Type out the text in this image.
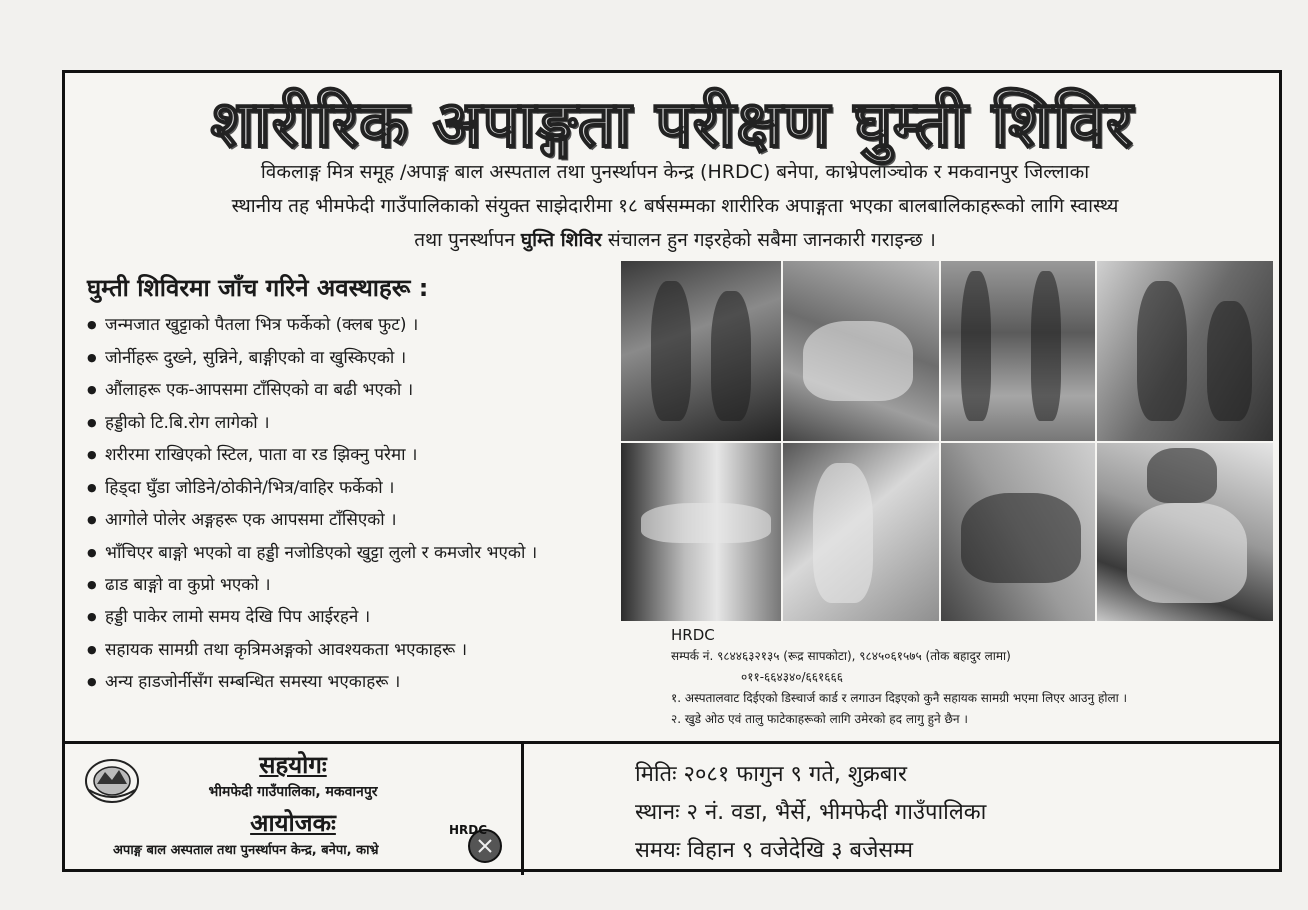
शारीरिक अपाङ्गता परीक्षण घुम्ती शिविर
विकलाङ्ग मित्र समूह /अपाङ्ग बाल अस्पताल तथा पुनर्स्थापन केन्द्र (HRDC) बनेपा, काभ्रेपलाञ्चोक र मकवानपुर जिल्लाका
स्थानीय तह भीमफेदी गाउँपालिकाको संयुक्त साझेदारीमा १८ बर्षसम्मका शारीरिक अपाङ्गता भएका बालबालिकाहरूको लागि स्वास्थ्य
तथा पुनर्स्थापन घुम्ति शिविर संचालन हुन गइरहेको सबैमा जानकारी गराइन्छ ।
घुम्ती शिविरमा जाँच गरिने अवस्थाहरू :
● जन्मजात खुट्टाको पैतला भित्र फर्केको (क्लब फुट) ।
● जोर्नीहरू दुख्ने, सुन्निने, बाङ्गीएको वा खुस्किएको ।
● औंलाहरू एक-आपसमा टाँसिएको वा बढी भएको ।
● हड्डीको टि.बि.रोग लागेको ।
● शरीरमा राखिएको स्टिल, पाता वा रड झिक्नु परेमा ।
● हिड्दा घुँडा जोडिने/ठोकीने/भित्र/वाहिर फर्केको ।
● आगोले पोलेर अङ्गहरू एक आपसमा टाँसिएको ।
● भाँचिएर बाङ्गो भएको वा हड्डी नजोडिएको खुट्टा लुलो र कमजोर भएको ।
● ढाड बाङ्गो वा कुप्रो भएको ।
● हड्डी पाकेर लामो समय देखि पिप आईरहने ।
● सहायक सामग्री तथा कृत्रिमअङ्गको आवश्यकता भएकाहरू ।
● अन्य हाडजोर्नीसँग सम्बन्धित समस्या भएकाहरू ।
HRDC
सम्पर्क नं. ९८४४६३२१३५ (रूद्र सापकोटा), ९८४५०६१५७५ (तोक बहादुर लामा)
०११-६६४३४०/६६१६६६
१. अस्पतालवाट दिईएको डिस्चार्ज कार्ड र लगाउन दिइएको कुनै सहायक सामग्री भएमा लिएर आउनु होला ।
२. खुडे ओठ एवं तालु फाटेकाहरूको लागि उमेरको हद लागु हुने छैन ।
सहयोगः
भीमफेदी गाउँपालिका, मकवानपुर
आयोजकः
अपाङ्ग बाल अस्पताल तथा पुनर्स्थापन केन्द्र, बनेपा, काभ्रे
HRDC
मितिः २०८१ फागुन ९ गते, शुक्रबार
स्थानः २ नं. वडा, भैर्से, भीमफेदी गाउँपालिका
समयः विहान ९ वजेदेखि ३ बजेसम्म
